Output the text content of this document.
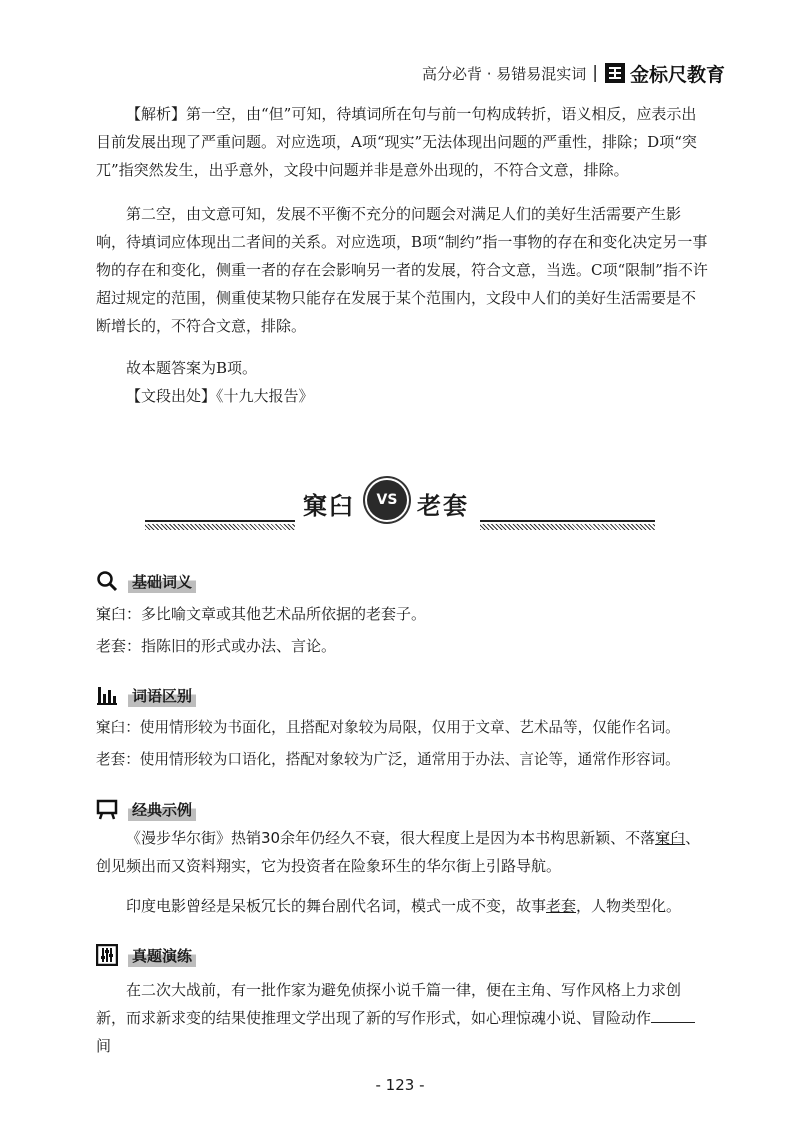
高分必背 · 易错易混实词 | 金标尺教育
【解析】第一空，由“但”可知，待填词所在句与前一句构成转折，语义相反，应表示出目前发展出现了严重问题。对应选项，A项“现实”无法体现出问题的严重性，排除；D项“突兀”指突然发生，出乎意外，文段中问题并非是意外出现的，不符合文意，排除。
第二空，由文意可知，发展不平衡不充分的问题会对满足人们的美好生活需要产生影响，待填词应体现出二者间的关系。对应选项，B项“制约”指一事物的存在和变化决定另一事物的存在和变化，侧重一者的存在会影响另一者的发展，符合文意，当选。C项“限制”指不许超过规定的范围，侧重使某物只能存在发展于某个范围内，文段中人们的美好生活需要是不断增长的，不符合文意，排除。
故本题答案为B项。
【文段出处】《十九大报告》
窠臼	VS 老套
基础词义
窠臼：多比喻文章或其他艺术品所依据的老套子。
老套：指陈旧的形式或办法、言论。
词语区别
窠臼：使用情形较为书面化，且搭配对象较为局限，仅用于文章、艺术品等，仅能作名词。
老套：使用情形较为口语化，搭配对象较为广泛，通常用于办法、言论等，通常作形容词。
经典示例
《漫步华尔街》热销30余年仍经久不衰，很大程度上是因为本书构思新颖、不落窠臼、创见频出而又资料翔实，它为投资者在险象环生的华尔街上引路导航。
印度电影曾经是呆板冗长的舞台剧代名词，模式一成不变，故事老套，人物类型化。
真题演练
在二次大战前，有一批作家为避免侦探小说千篇一律，便在主角、写作风格上力求创新，而求新求变的结果使推理文学出现了新的写作形式，如心理惊魂小说、冒险动作间
- 123 -
